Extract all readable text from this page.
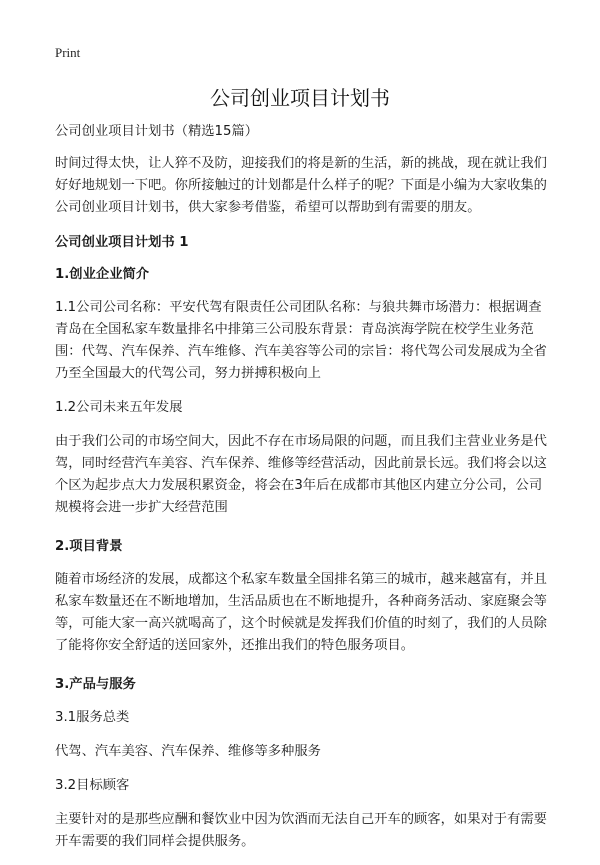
Print
公司创业项目计划书

公司创业项目计划书（精选15篇）

时间过得太快，让人猝不及防，迎接我们的将是新的生活，新的挑战，现在就让我们好好地规划一下吧。你所接触过的计划都是什么样子的呢？下面是小编为大家收集的公司创业项目计划书，供大家参考借鉴，希望可以帮助到有需要的朋友。

公司创业项目计划书 1

1.创业企业简介

1.1公司公司名称：平安代驾有限责任公司团队名称：与狼共舞市场潜力：根据调查青岛在全国私家车数量排名中排第三公司股东背景：青岛滨海学院在校学生业务范围：代驾、汽车保养、汽车维修、汽车美容等公司的宗旨：将代驾公司发展成为全省乃至全国最大的代驾公司，努力拼搏积极向上

1.2公司未来五年发展

由于我们公司的市场空间大，因此不存在市场局限的问题，而且我们主营业业务是代驾，同时经营汽车美容、汽车保养、维修等经营活动，因此前景长远。我们将会以这个区为起步点大力发展积累资金，将会在3年后在成都市其他区内建立分公司，公司规模将会进一步扩大经营范围

2.项目背景

随着市场经济的发展，成都这个私家车数量全国排名第三的城市，越来越富有，并且私家车数量还在不断地增加，生活品质也在不断地提升，各种商务活动、家庭聚会等等，可能大家一高兴就喝高了，这个时候就是发挥我们价值的时刻了，我们的人员除了能将你安全舒适的送回家外，还推出我们的特色服务项目。

3.产品与服务

3.1服务总类

代驾、汽车美容、汽车保养、维修等多种服务

3.2目标顾客

主要针对的是那些应酬和餐饮业中因为饮酒而无法自己开车的顾客，如果对于有需要开车需要的我们同样会提供服务。
